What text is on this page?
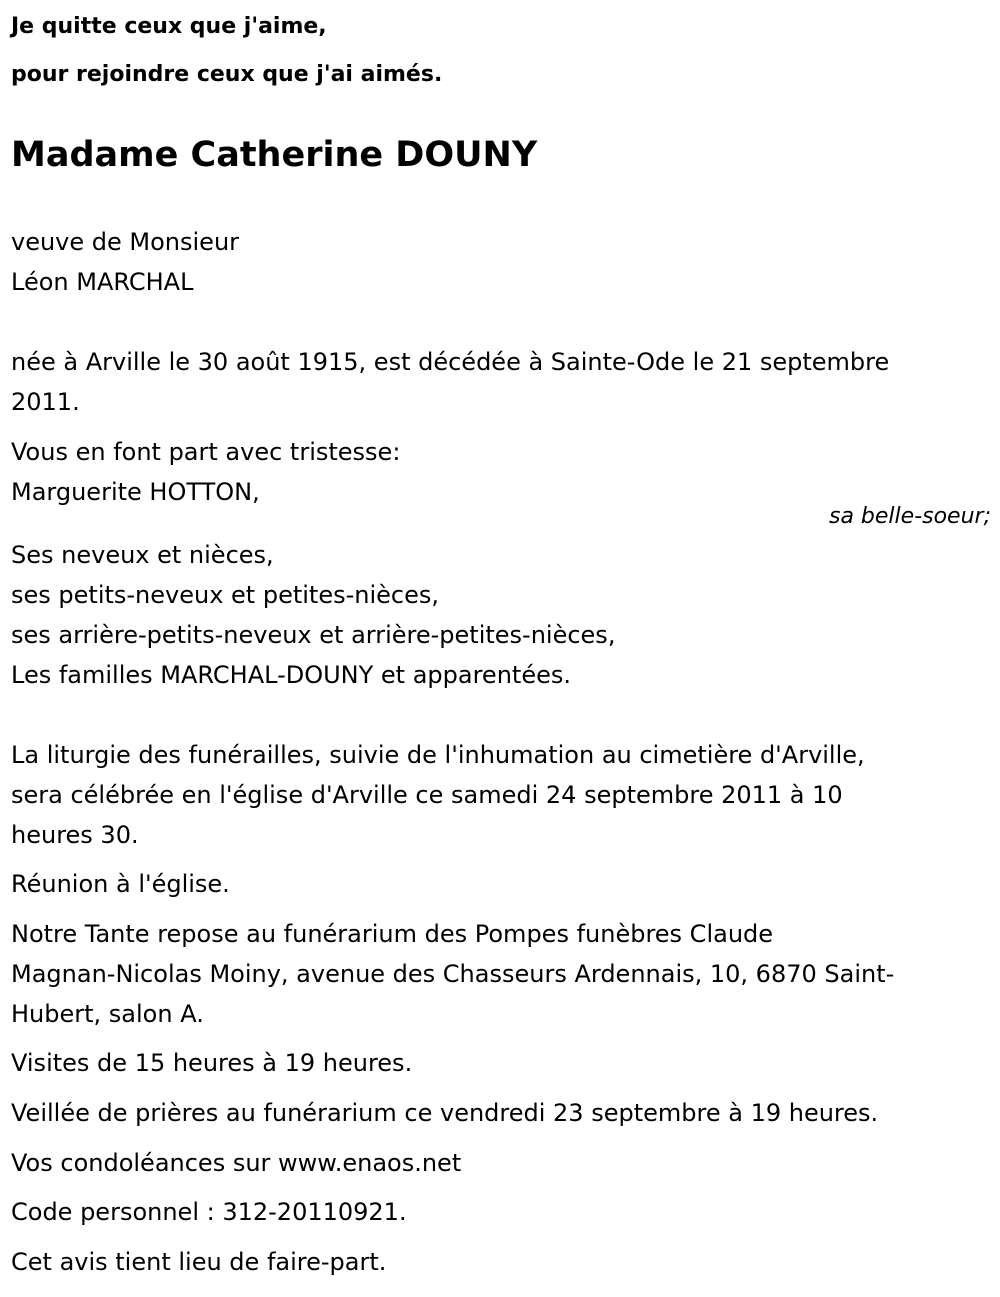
Je quitte ceux que j'aime,

pour rejoindre ceux que j'ai aimés.

Madame Catherine DOUNY
veuve de Monsieur
Léon MARCHAL
née à Arville le 30 août 1915, est décédée à Sainte-Ode le 21 septembre
2011.
Vous en font part avec tristesse:
Marguerite HOTTON,
sa belle-soeur;
Ses neveux et nièces,
ses petits-neveux et petites-nièces,
ses arrière-petits-neveux et arrière-petites-nièces,
Les familles MARCHAL-DOUNY et apparentées.
La liturgie des funérailles, suivie de l'inhumation au cimetière d'Arville,
sera célébrée en l'église d'Arville ce samedi 24 septembre 2011 à 10
heures 30.
Réunion à l'église.
Notre Tante repose au funérarium des Pompes funèbres Claude
Magnan-Nicolas Moiny, avenue des Chasseurs Ardennais, 10, 6870 Saint-
Hubert, salon A.
Visites de 15 heures à 19 heures.
Veillée de prières au funérarium ce vendredi 23 septembre à 19 heures.
Vos condoléances sur www.enaos.net
Code personnel : 312-20110921.
Cet avis tient lieu de faire-part.
